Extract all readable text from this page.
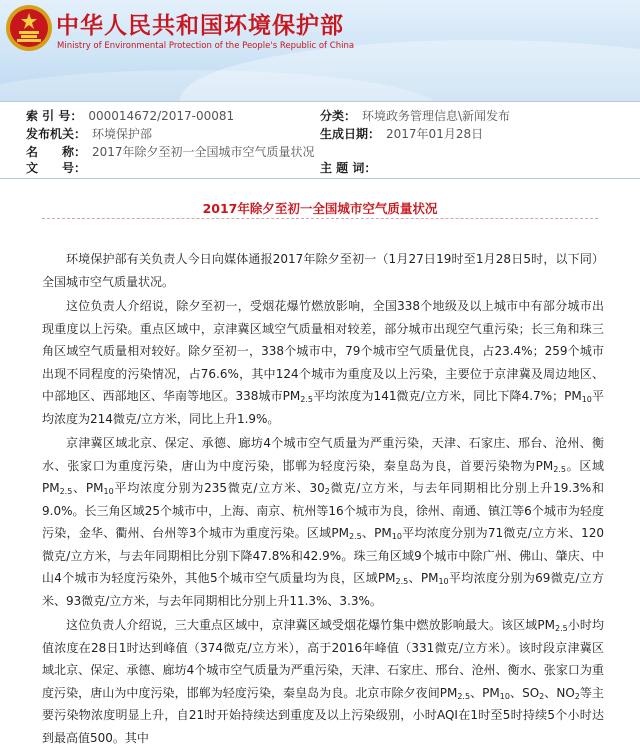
中华人民共和国环境保护部
Ministry of Environmental Protection of the People's Republic of China
索 引 号： 000014672/2017-00081	分类： 环境政务管理信息\新闻发布
发布机关： 环境保护部	生成日期： 2017年01月28日
名　　称： 2017年除夕至初一全国城市空气质量状况
文　　号：	主 题 词：
2017年除夕至初一全国城市空气质量状况

环境保护部有关负责人今日向媒体通报2017年除夕至初一（1月27日19时至1月28日5时，以下同）全国城市空气质量状况。

这位负责人介绍说，除夕至初一，受烟花爆竹燃放影响，全国338个地级及以上城市中有部分城市出现重度以上污染。重点区域中，京津冀区域空气质量相对较差，部分城市出现空气重污染；长三角和珠三角区域空气质量相对较好。除夕至初一，338个城市中，79个城市空气质量优良，占23.4%；259个城市出现不同程度的污染情况，占76.6%，其中124个城市为重度及以上污染，主要位于京津冀及周边地区、中部地区、西部地区、华南等地区。338城市$PM_{2.5}$平均浓度为141微克/立方米，同比下降4.7%；$PM_{10}$平均浓度为214微克/立方米，同比上升1.9%。

京津冀区域北京、保定、承德、廊坊4个城市空气质量为严重污染，天津、石家庄、邢台、沧州、衡水、张家口为重度污染，唐山为中度污染，邯郸为轻度污染，秦皇岛为良，首要污染物为$PM_{2.5}$。区域$PM_{2.5}$、$PM_{10}$平均浓度分别为235微克/立方米、$30_2$微克/立方米，与去年同期相比分别上升19.3%和9.0%。长三角区域25个城市中，上海、南京、杭州等16个城市为良，徐州、南通、镇江等6个城市为轻度污染，金华、衢州、台州等3个城市为重度污染。区域$PM_{2.5}$、$PM_{10}$平均浓度分别为71微克/立方米、120微克/立方米，与去年同期相比分别下降47.8%和42.9%。珠三角区域9个城市中除广州、佛山、肇庆、中山4个城市为轻度污染外，其他5个城市空气质量均为良，区域$PM_{2.5}$、$PM_{10}$平均浓度分别为69微克/立方米、93微克/立方米，与去年同期相比分别上升11.3%、3.3%。

这位负责人介绍说，三大重点区域中，京津冀区域受烟花爆竹集中燃放影响最大。该区域$PM_{2.5}$小时均值浓度在28日1时达到峰值（374微克/立方米），高于2016年峰值（331微克/立方米）。该时段京津冀区域北京、保定、承德、廊坊4个城市空气质量为严重污染，天津、石家庄、邢台、沧州、衡水、张家口为重度污染，唐山为中度污染，邯郸为轻度污染，秦皇岛为良。北京市除夕夜间$PM_{2.5}$、$PM_{10}$、$SO_2$、$NO_2$等主要污染物浓度明显上升，自21时开始持续达到重度及以上污染级别，小时AQI在1时至5时持续5个小时达到最高值500。其中
